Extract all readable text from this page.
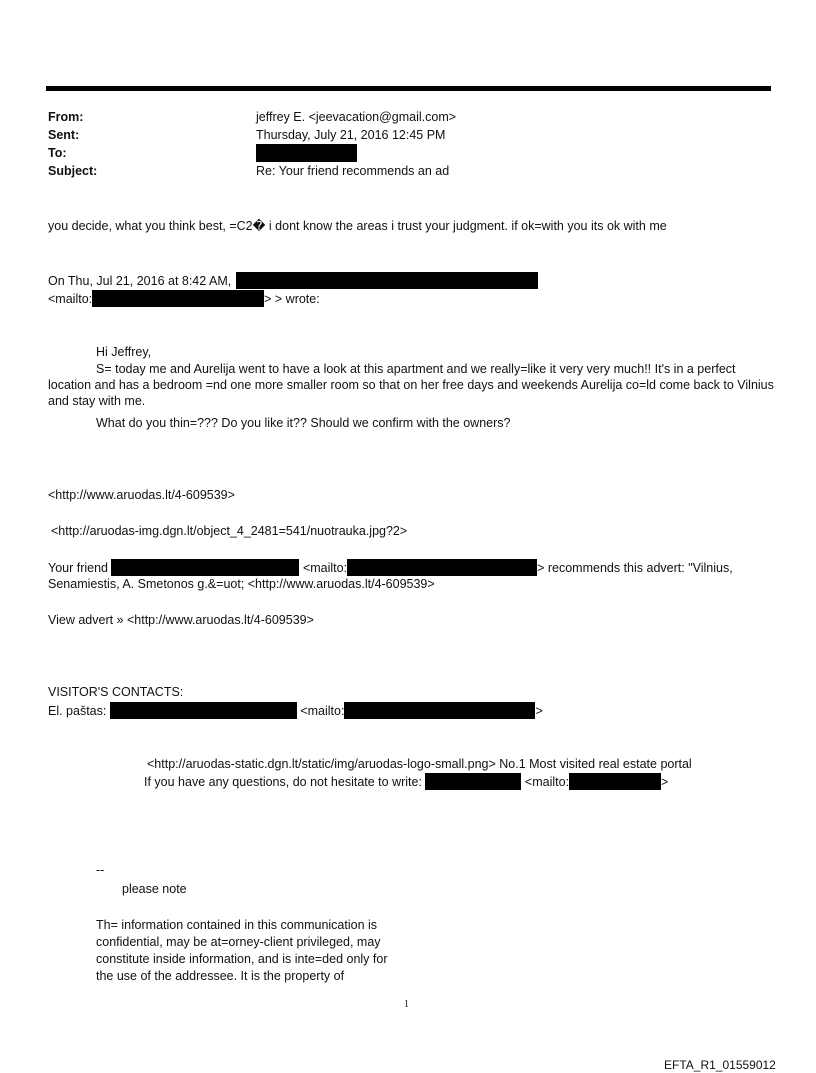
From:	jeffrey E. <jeevacation@gmail.com>
Sent:	Thursday, July 21, 2016 12:45 PM
To:
Subject:	Re: Your friend recommends an ad
you decide, what you think best, =C2� i dont know the areas i trust your judgment. if ok=with you its ok with me
On Thu, Jul 21, 2016 at 8:42 AM,
<mailto:	> > wrote:
Hi Jeffrey,
S= today me and Aurelija went to have a look at this apartment and we really=like it very very much!! It's in a perfect location and has a bedroom =nd one more smaller room so that on her free days and weekends Aurelija co=ld come back to Vilnius and stay with me.
What do you thin=??? Do you like it?? Should we confirm with the owners?
<http://www.aruodas.lt/4-609539>
<http://aruodas-img.dgn.lt/object_4_2481=541/nuotrauka.jpg?2>
Your friend	<mailto:	> recommends this advert: "Vilnius,
Senamiestis, A. Smetonos g.&=uot; <http://www.aruodas.lt/4-609539>
View advert » <http://www.aruodas.lt/4-609539>
VISITOR'S CONTACTS:
El. paštas:	<mailto:	>
<http://aruodas-static.dgn.lt/static/img/aruodas-logo-small.png> No.1 Most visited real estate portal
If you have any questions, do not hesitate to write:	<mailto:	>
--
please note
Th= information contained in this communication is
confidential, may be at=orney-client privileged, may
constitute inside information, and is inte=ded only for
the use of the addressee. It is the property of
1
EFTA_R1_01559012
